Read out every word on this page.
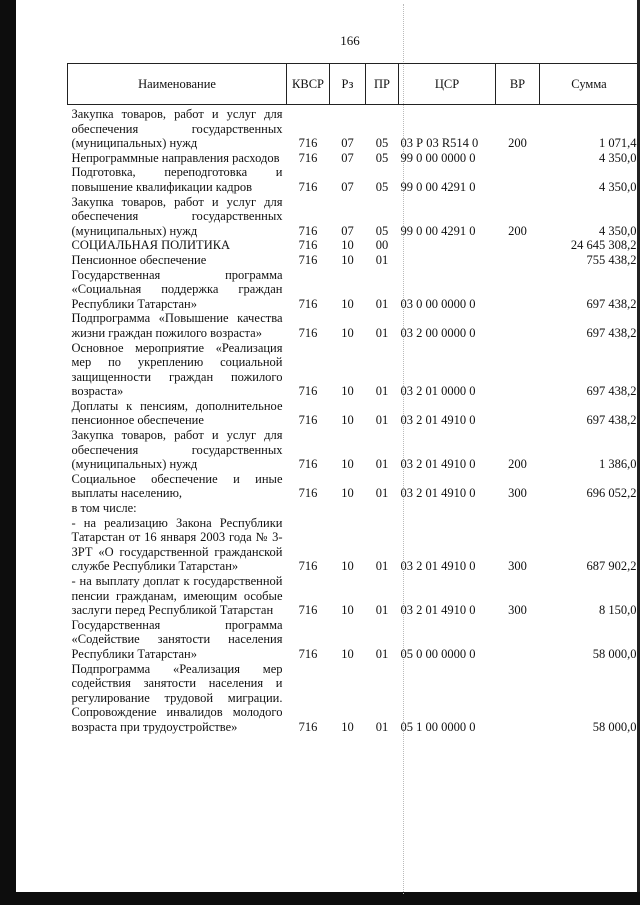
166
Наименование	КВСР	Рз	ПР	ЦСР	ВР	Сумма
Закупка товаров, работ и услуг для обеспечения государственных (муниципальных) нужд	716	07	05	03 Р 03 R514 0	200	1 071,4
Непрограммные направления расходов	716	07	05	99 0 00 0000 0		4 350,0
Подготовка, переподготовка и повышение квалификации кадров	716	07	05	99 0 00 4291 0		4 350,0
Закупка товаров, работ и услуг для обеспечения государственных (муниципальных) нужд	716	07	05	99 0 00 4291 0	200	4 350,0
СОЦИАЛЬНАЯ ПОЛИТИКА	716	10	00			24 645 308,2
Пенсионное обеспечение	716	10	01			755 438,2
Государственная программа «Социальная поддержка граждан Республики Татарстан»	716	10	01	03 0 00 0000 0		697 438,2
Подпрограмма «Повышение качества жизни граждан пожилого возраста»	716	10	01	03 2 00 0000 0		697 438,2
Основное мероприятие «Реализация мер по укреплению социальной защищенности граждан пожилого возраста»	716	10	01	03 2 01 0000 0		697 438,2
Доплаты к пенсиям, дополнительное пенсионное обеспечение	716	10	01	03 2 01 4910 0		697 438,2
Закупка товаров, работ и услуг для обеспечения государственных (муниципальных) нужд	716	10	01	03 2 01 4910 0	200	1 386,0
Социальное обеспечение и иные выплаты населению,	716	10	01	03 2 01 4910 0	300	696 052,2
в том числе:						
- на реализацию Закона Республики Татарстан от 16 января 2003 года № 3-ЗРТ «О государственной гражданской службе Республики Татарстан»	716	10	01	03 2 01 4910 0	300	687 902,2
- на выплату доплат к государственной пенсии гражданам, имеющим особые заслуги перед Республикой Татарстан	716	10	01	03 2 01 4910 0	300	8 150,0
Государственная программа «Содействие занятости населения Республики Татарстан»	716	10	01	05 0 00 0000 0		58 000,0
Подпрограмма «Реализация мер содействия занятости населения и регулирование трудовой миграции. Сопровождение инвалидов молодого возраста при трудоустройстве»	716	10	01	05 1 00 0000 0		58 000,0
